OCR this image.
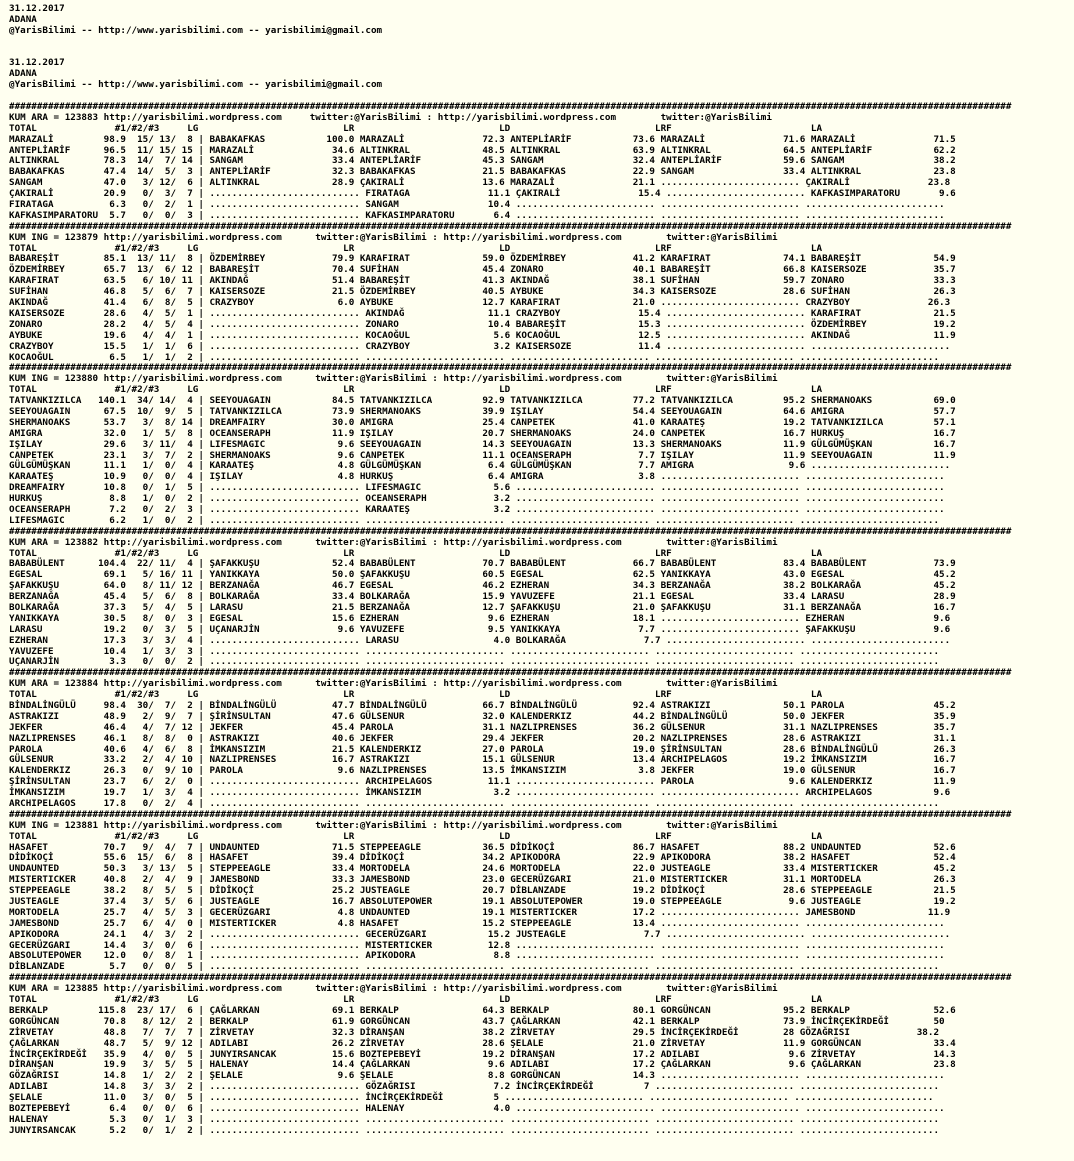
31.12.2017
ADANA
@YarisBilimi -- http://www.yarisbilimi.com -- yarisbilimi@gmail.com
31.12.2017
ADANA
@YarisBilimi -- http://www.yarisbilimi.com -- yarisbilimi@gmail.com
####################################################################################################################################################################################
KUM ARA = 123883 http://yarisbilimi.wordpress.com     twitter:@YarisBilimi : http://yarisbilimi.wordpress.com        twitter:@YarisBilimi
TOTAL              #1/#2/#3     LG                          LR                          LD                          LRF                         LA
MARAZALİ         98.9  15/ 13/  8 | BABAKAFKAS           100.0 MARAZALİ              72.3 ANTEPLİARİF           73.6 MARAZALİ              71.6 MARAZALİ              71.5
ANTEPLİARİF      96.5  11/ 15/ 15 | MARAZALİ              34.6 ALTINKRAL             48.5 ALTINKRAL             63.9 ALTINKRAL             64.5 ANTEPLİARİF           62.2
ALTINKRAL        78.3  14/  7/ 14 | SANGAM                33.4 ANTEPLİARİF           45.3 SANGAM                32.4 ANTEPLİARİF           59.6 SANGAM                38.2
BABAKAFKAS       47.4  14/  5/  3 | ANTEPLİARİF           32.3 BABAKAFKAS            21.5 BABAKAFKAS            22.9 SANGAM                33.4 ALTINKRAL             23.8
SANGAM           47.0   3/ 12/  6 | ALTINKRAL             28.9 ÇAKIRALİ              13.6 MARAZALİ              21.1 ......................... ÇAKIRALİ              23.8
ÇAKIRALİ         20.9   0/  3/  7 | ........................... FIRATAGA              11.1 ÇAKIRALİ              15.4 ......................... KAFKASIMPARATORU       9.6
FIRATAGA          6.3   0/  2/  1 | ........................... SANGAM                10.4 ......................... ......................... .........................
KAFKASIMPARATORU  5.7   0/  0/  3 | ........................... KAFKASIMPARATORU       6.4 ......................... ......................... .........................
####################################################################################################################################################################################
KUM ING = 123879 http://yarisbilimi.wordpress.com      twitter:@YarisBilimi : http://yarisbilimi.wordpress.com        twitter:@YarisBilimi
TOTAL              #1/#2/#3     LG                          LR                          LD                          LRF                         LA
BABAREŞİT        85.1  13/ 11/  8 | ÖZDEMİRBEY            79.9 KARAFIRAT             59.0 ÖZDEMİRBEY            41.2 KARAFIRAT             74.1 BABAREŞİT             54.9
ÖZDEMİRBEY       65.7  13/  6/ 12 | BABAREŞİT             70.4 SUFİHAN               45.4 ZONARO                40.1 BABAREŞİT             66.8 KAISERSOZE            35.7
KARAFIRAT        63.5   6/ 10/ 11 | AKINDAĞ               51.4 BABAREŞİT             41.3 AKINDAĞ               38.1 SUFİHAN               59.7 ZONARO                33.3
SUFİHAN          46.8   5/  6/  7 | KAISERSOZE            21.5 ÖZDEMİRBEY            40.5 AYBUKE                34.3 KAISERSOZE            28.6 SUFİHAN               26.3
AKINDAĞ          41.4   6/  8/  5 | CRAZYBOY               6.0 AYBUKE                12.7 KARAFIRAT             21.0 ......................... CRAZYBOY              26.3
KAISERSOZE       28.6   4/  5/  1 | ........................... AKINDAĞ               11.1 CRAZYBOY              15.4 ......................... KARAFIRAT             21.5
ZONARO           28.2   4/  5/  4 | ........................... ZONARO                10.4 BABAREŞİT             15.3 ......................... ÖZDEMİRBEY            19.2
AYBUKE           19.6   4/  4/  1 | ........................... KOCAOĞUL               5.6 KOCAOĞUL              12.5 ......................... AKINDAĞ               11.9
CRAZYBOY         15.5   1/  1/  6 | ........................... CRAZYBOY               3.2 KAISERSOZE            11.4 ......................... .........................
KOCAOĞUL          6.5   1/  1/  2 | ........................... ......................... ......................... ......................... .........................
####################################################################################################################################################################################
KUM ING = 123880 http://yarisbilimi.wordpress.com      twitter:@YarisBilimi : http://yarisbilimi.wordpress.com        twitter:@YarisBilimi
TOTAL              #1/#2/#3     LG                          LR                          LD                          LRF                         LA
TATVANKIZILCA   140.1  34/ 14/  4 | SEEYOUAGAIN           84.5 TATVANKIZILCA         92.9 TATVANKIZILCA         77.2 TATVANKIZILCA         95.2 SHERMANOAKS           69.0
SEEYOUAGAIN      67.5  10/  9/  5 | TATVANKIZILCA         73.9 SHERMANOAKS           39.9 IŞILAY                54.4 SEEYOUAGAIN           64.6 AMIGRA                57.7
SHERMANOAKS      53.7   3/  8/ 14 | DREAMFAIRY            30.0 AMIGRA                25.4 CANPETEK              41.0 KARAATEŞ              19.2 TATVANKIZILCA         57.1
AMIGRA           32.0   1/  5/  8 | OCEANSERAPH           11.9 IŞILAY                20.7 SHERMANOAKS           24.0 CANPETEK              16.7 HURKUŞ                16.7
IŞILAY           29.6   3/ 11/  4 | LIFESMAGIC             9.6 SEEYOUAGAIN           14.3 SEEYOUAGAIN           13.3 SHERMANOAKS           11.9 GÜLGÜMÜŞKAN           16.7
CANPETEK         23.1   3/  7/  2 | SHERMANOAKS            9.6 CANPETEK              11.1 OCEANSERAPH            7.7 IŞILAY                11.9 SEEYOUAGAIN           11.9
GÜLGÜMÜŞKAN      11.1   1/  0/  4 | KARAATEŞ               4.8 GÜLGÜMÜŞKAN            6.4 GÜLGÜMÜŞKAN            7.7 AMIGRA                 9.6 .........................
KARAATEŞ         10.9   0/  0/  4 | IŞILAY                 4.8 HURKUŞ                 6.4 AMIGRA                 3.8 ......................... .........................
DREAMFAIRY       10.8   0/  1/  5 | ........................... LIFESMAGIC             5.6 ......................... ......................... .........................
HURKUŞ            8.8   1/  0/  2 | ........................... OCEANSERAPH            3.2 ......................... ......................... .........................
OCEANSERAPH       7.2   0/  2/  3 | ........................... KARAATEŞ               3.2 ......................... ......................... .........................
LIFESMAGIC        6.2   1/  0/  2 | ........................... ......................... ......................... ......................... .........................
####################################################################################################################################################################################
KUM ARA = 123882 http://yarisbilimi.wordpress.com      twitter:@YarisBilimi : http://yarisbilimi.wordpress.com        twitter:@YarisBilimi
TOTAL              #1/#2/#3     LG                          LR                          LD                          LRF                         LA
BABABÜLENT      104.4  22/ 11/  4 | ŞAFAKKUŞU             52.4 BABABÜLENT            70.7 BABABÜLENT            66.7 BABABÜLENT            83.4 BABABÜLENT            73.9
EGESAL           69.1   5/ 16/ 11 | YANIKKAYA             50.0 ŞAFAKKUŞU             60.5 EGESAL                62.5 YANIKKAYA             43.0 EGESAL                45.2
ŞAFAKKUŞU        64.0   8/ 11/ 12 | BERZANAĞA             46.7 EGESAL                46.2 EZHERAN               34.3 BERZANAĞA             38.2 BOLKARAĞA             45.2
BERZANAĞA        45.4   5/  6/  8 | BOLKARAĞA             33.4 BOLKARAĞA             15.9 YAVUZEFE              21.1 EGESAL                33.4 LARASU                28.9
BOLKARAĞA        37.3   5/  4/  5 | LARASU                21.5 BERZANAĞA             12.7 ŞAFAKKUŞU             21.0 ŞAFAKKUŞU             31.1 BERZANAĞA             16.7
YANIKKAYA        30.5   8/  0/  3 | EGESAL                15.6 EZHERAN                9.6 EZHERAN               18.1 ......................... EZHERAN                9.6
LARASU           19.2   0/  3/  5 | UÇANARJİN              9.6 YAVUZEFE               9.5 YANIKKAYA              7.7 ......................... ŞAFAKKUŞU              9.6
EZHERAN          17.3   3/  3/  4 | ........................... LARASU                 4.0 BOLKARAĞA              7.7 ......................... .........................
YAVUZEFE         10.4   1/  3/  3 | ........................... ......................... ......................... ......................... .........................
UÇANARJİN         3.3   0/  0/  2 | ........................... ......................... ......................... ......................... .........................
####################################################################################################################################################################################
KUM ARA = 123884 http://yarisbilimi.wordpress.com      twitter:@YarisBilimi : http://yarisbilimi.wordpress.com        twitter:@YarisBilimi
TOTAL              #1/#2/#3     LG                          LR                          LD                          LRF                         LA
BİNDALİNGÜLÜ     98.4  30/  7/  2 | BİNDALİNGÜLÜ          47.7 BİNDALİNGÜLÜ          66.7 BİNDALİNGÜLÜ          92.4 ASTRAKIZI             50.1 PAROLA                45.2
ASTRAKIZI        48.9   2/  9/  7 | ŞİRİNSULTAN           47.6 GÜLSENUR              32.0 KALENDERKIZ           44.2 BİNDALİNGÜLÜ          50.0 JEKFER                35.9
JEKFER           46.4   4/  7/ 12 | JEKFER                45.4 PAROLA                31.1 NAZLIPRENSES          36.2 GÜLSENUR              31.1 NAZLIPRENSES          35.7
NAZLIPRENSES     46.1   8/  8/  0 | ASTRAKIZI             40.6 JEKFER                29.4 JEKFER                20.2 NAZLIPRENSES          28.6 ASTRAKIZI             31.1
PAROLA           40.6   4/  6/  8 | İMKANSIZIM            21.5 KALENDERKIZ           27.0 PAROLA                19.0 ŞİRİNSULTAN           28.6 BİNDALİNGÜLÜ          26.3
GÜLSENUR         33.2   2/  4/ 10 | NAZLIPRENSES          16.7 ASTRAKIZI             15.1 GÜLSENUR              13.4 ARCHIPELAGOS          19.2 İMKANSIZIM            16.7
KALENDERKIZ      26.3   0/  9/ 10 | PAROLA                 9.6 NAZLIPRENSES          13.5 İMKANSIZIM             3.8 JEKFER                19.0 GÜLSENUR              16.7
ŞİRİNSULTAN      23.7   6/  2/  0 | ........................... ARCHIPELAGOS          11.1 ......................... PAROLA                 9.6 KALENDERKIZ           11.9
İMKANSIZIM       19.7   1/  3/  4 | ........................... İMKANSIZIM             3.2 ......................... ......................... ARCHIPELAGOS           9.6
ARCHIPELAGOS     17.8   0/  2/  4 | ........................... ......................... ......................... ......................... .........................
####################################################################################################################################################################################
KUM ING = 123881 http://yarisbilimi.wordpress.com      twitter:@YarisBilimi : http://yarisbilimi.wordpress.com        twitter:@YarisBilimi
TOTAL              #1/#2/#3     LG                          LR                          LD                          LRF                         LA
HASAFET          70.7   9/  4/  7 | UNDAUNTED             71.5 STEPPEEAGLE           36.5 DİDİKOÇİ              86.7 HASAFET               88.2 UNDAUNTED             52.6
DİDİKOÇİ         55.6  15/  6/  8 | HASAFET               39.4 DİDİKOÇİ              34.2 APIKODORA             22.9 APIKODORA             38.2 HASAFET               52.4
UNDAUNTED        50.3   3/ 13/  5 | STEPPEEAGLE           33.4 MORTODELA             24.6 MORTODELA             22.0 JUSTEAGLE             33.4 MISTERTICKER          45.2
MISTERTICKER     40.8   2/  4/  9 | JAMESBOND             33.3 JAMESBOND             23.0 GECERÜZGARI           21.0 MISTERTICKER          31.1 MORTODELA             26.3
STEPPEEAGLE      38.2   8/  5/  5 | DİDİKOÇİ              25.2 JUSTEAGLE             20.7 DİBLANZADE            19.2 DİDİKOÇİ              28.6 STEPPEEAGLE           21.5
JUSTEAGLE        37.4   3/  5/  6 | JUSTEAGLE             16.7 ABSOLUTEPOWER         19.1 ABSOLUTEPOWER         19.0 STEPPEEAGLE            9.6 JUSTEAGLE             19.2
MORTODELA        25.7   4/  5/  3 | GECERÜZGARI            4.8 UNDAUNTED             19.1 MISTERTICKER          17.2 ......................... JAMESBOND             11.9
JAMESBOND        25.7   6/  4/  0 | MISTERTICKER           4.8 HASAFET               15.2 STEPPEEAGLE           13.4 ......................... .........................
APIKODORA        24.1   4/  3/  2 | ........................... GECERÜZGARI           15.2 JUSTEAGLE              7.7 ......................... .........................
GECERÜZGARI      14.4   3/  0/  6 | ........................... MISTERTICKER          12.8 ......................... ......................... .........................
ABSOLUTEPOWER    12.0   0/  8/  1 | ........................... APIKODORA              8.8 ......................... ......................... .........................
DİBLANZADE        5.7   0/  0/  5 | ........................... ......................... ......................... ......................... .........................
####################################################################################################################################################################################
KUM ARA = 123885 http://yarisbilimi.wordpress.com      twitter:@YarisBilimi : http://yarisbilimi.wordpress.com        twitter:@YarisBilimi
TOTAL              #1/#2/#3     LG                          LR                          LD                          LRF                         LA
BERKALP         115.8  23/ 17/  6 | ÇAĞLARKAN             69.1 BERKALP               64.3 BERKALP               80.1 GORGÜNCAN             95.2 BERKALP               52.6
GORGÜNCAN        70.8   8/ 12/  2 | BERKALP               61.9 GORGÜNCAN             43.7 ÇAĞLARKAN             42.1 BERKALP               73.9 İNCİRÇEKİRDEĞİ        50
ZİRVETAY         48.8   7/  7/  7 | ZİRVETAY              32.3 DİRANŞAN              38.2 ZİRVETAY              29.5 İNCİRÇEKİRDEĞİ        28 GÖZAĞRISI            38.2
ÇAĞLARKAN        48.7   5/  9/ 12 | ADILABI               26.2 ZİRVETAY              28.6 ŞELALE                21.0 ZİRVETAY              11.9 GORGÜNCAN             33.4
İNCİRÇEKİRDEĞİ   35.9   4/  0/  5 | JUNYIRSANCAK          15.6 BOZTEPEBEYİ           19.2 DİRANŞAN              17.2 ADILABI                9.6 ZİRVETAY              14.3
DİRANŞAN         19.9   3/  5/  5 | HALENAY               14.4 ÇAĞLARKAN              9.6 ADILABI               17.2 ÇAĞLARKAN              9.6 ÇAĞLARKAN             23.8
GÖZAĞRISI        14.8   1/  2/  2 | ŞELALE                 9.6 ŞELALE                 8.8 GORGÜNCAN             14.3 ......................... .........................
ADILABI          14.8   3/  3/  2 | ........................... GÖZAĞRISI              7.2 İNCİRÇEKİRDEĞİ         7 ......................... .........................
ŞELALE           11.0   3/  0/  5 | ........................... İNCİRÇEKİRDEĞİ         5 ......................... ......................... .........................
BOZTEPEBEYİ       6.4   0/  0/  6 | ........................... HALENAY                4.0 ......................... ......................... .........................
HALENAY           5.3   0/  1/  3 | ........................... ......................... ......................... ......................... .........................
JUNYIRSANCAK      5.2   0/  1/  2 | ........................... ......................... ......................... ......................... .........................
